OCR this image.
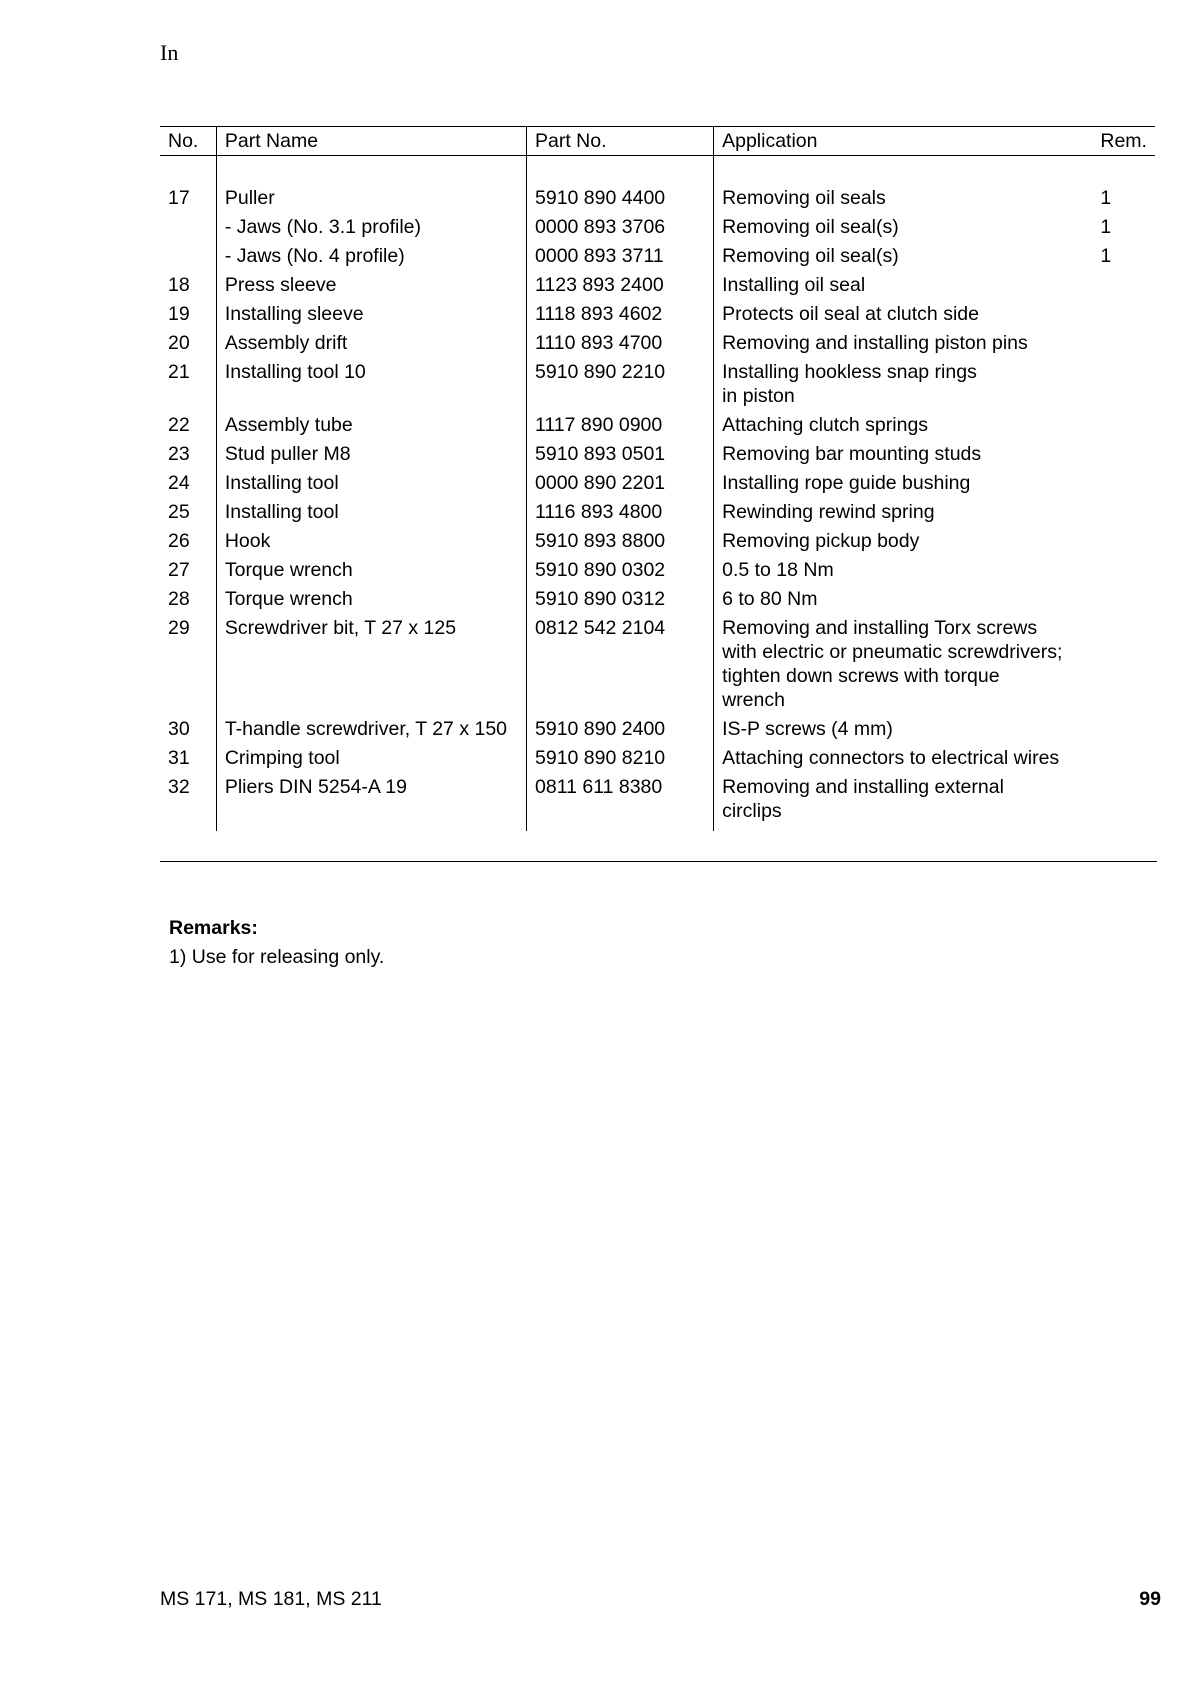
In
No.	Part Name	Part No.	Application	Rem.

17	Puller	5910 890 4400	Removing oil seals	1
	- Jaws (No. 3.1 profile)	0000 893 3706	Removing oil seal(s)	1
	- Jaws (No. 4 profile)	0000 893 3711	Removing oil seal(s)	1
18	Press sleeve	1123 893 2400	Installing oil seal	

19	Installing sleeve	1118 893 4602	Protects oil seal at clutch side	

20	Assembly drift	1110 893 4700	Removing and installing piston pins	

21	Installing tool 10	5910 890 2210	Installing hookless snap rings
in piston	

22	Assembly tube	1117 890 0900	Attaching clutch springs	

23	Stud puller M8	5910 893 0501	Removing bar mounting studs	

24	Installing tool	0000 890 2201	Installing rope guide bushing	

25	Installing tool	1116 893 4800	Rewinding rewind spring	

26	Hook	5910 893 8800	Removing pickup body	

27	Torque wrench	5910 890 0302	0.5 to 18 Nm	

28	Torque wrench	5910 890 0312	6 to 80 Nm	

29	Screwdriver bit, T 27 x 125	0812 542 2104	Removing and installing Torx screws
with electric or pneumatic screwdrivers;
tighten down screws with torque
wrench	

30	T-handle screwdriver, T 27 x 150	5910 890 2400	IS-P screws (4 mm)	

31	Crimping tool	5910 890 8210	Attaching connectors to electrical wires	

32	Pliers DIN 5254-A 19	0811 611 8380	Removing and installing external
circlips	

Remarks:
1) Use for releasing only.
MS 171, MS 181, MS 211	99
